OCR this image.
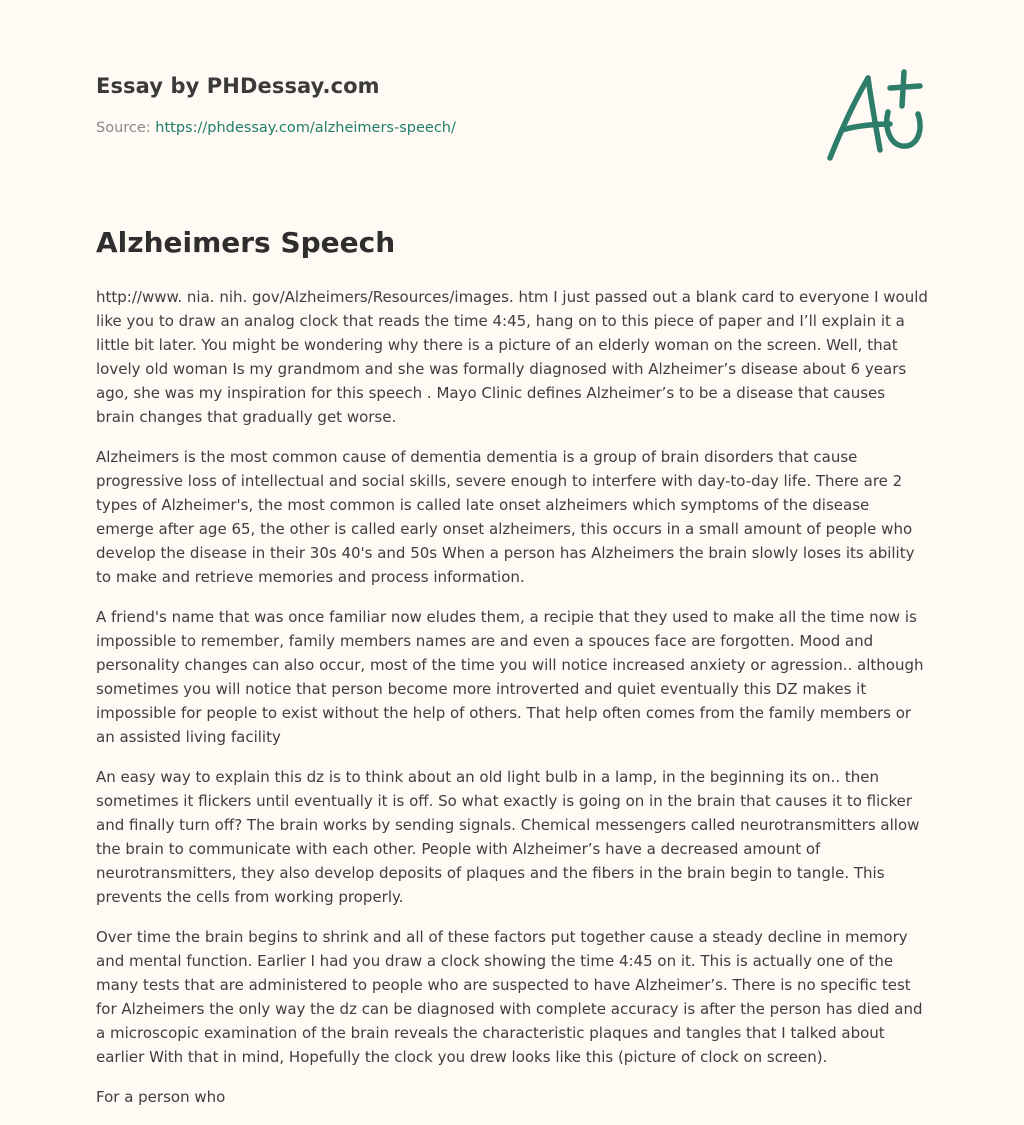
Essay by PHDessay.com
Source: https://phdessay.com/alzheimers-speech/
Alzheimers Speech

http://www. nia. nih. gov/Alzheimers/Resources/images. htm I just passed out a blank card to everyone I would like you to draw an analog clock that reads the time 4:45, hang on to this piece of paper and I’ll explain it a little bit later. You might be wondering why there is a picture of an elderly woman on the screen. Well, that lovely old woman Is my grandmom and she was formally diagnosed with Alzheimer’s disease about 6 years ago, she was my inspiration for this speech . Mayo Clinic defines Alzheimer’s to be a disease that causes brain changes that gradually get worse.

Alzheimers is the most common cause of dementia dementia is a group of brain disorders that cause progressive loss of intellectual and social skills, severe enough to interfere with day-to-day life. There are 2 types of Alzheimer's, the most common is called late onset alzheimers which symptoms of the disease emerge after age 65, the other is called early onset alzheimers, this occurs in a small amount of people who develop the disease in their 30s 40's and 50s When a person has Alzheimers the brain slowly loses its ability to make and retrieve memories and process information.

A friend's name that was once familiar now eludes them, a recipie that they used to make all the time now is impossible to remember, family members names are and even a spouces face are forgotten. Mood and personality changes can also occur, most of the time you will notice increased anxiety or agression.. although sometimes you will notice that person become more introverted and quiet eventually this DZ makes it impossible for people to exist without the help of others. That help often comes from the family members or an assisted living facility

An easy way to explain this dz is to think about an old light bulb in a lamp, in the beginning its on.. then sometimes it flickers until eventually it is off. So what exactly is going on in the brain that causes it to flicker and finally turn off? The brain works by sending signals. Chemical messengers called neurotransmitters allow the brain to communicate with each other. People with Alzheimer’s have a decreased amount of neurotransmitters, they also develop deposits of plaques and the fibers in the brain begin to tangle. This prevents the cells from working properly.

Over time the brain begins to shrink and all of these factors put together cause a steady decline in memory and mental function. Earlier I had you draw a clock showing the time 4:45 on it. This is actually one of the many tests that are administered to people who are suspected to have Alzheimer’s. There is no specific test for Alzheimers the only way the dz can be diagnosed with complete accuracy is after the person has died and a microscopic examination of the brain reveals the characteristic plaques and tangles that I talked about earlier With that in mind, Hopefully the clock you drew looks like this (picture of clock on screen).

For a person who
